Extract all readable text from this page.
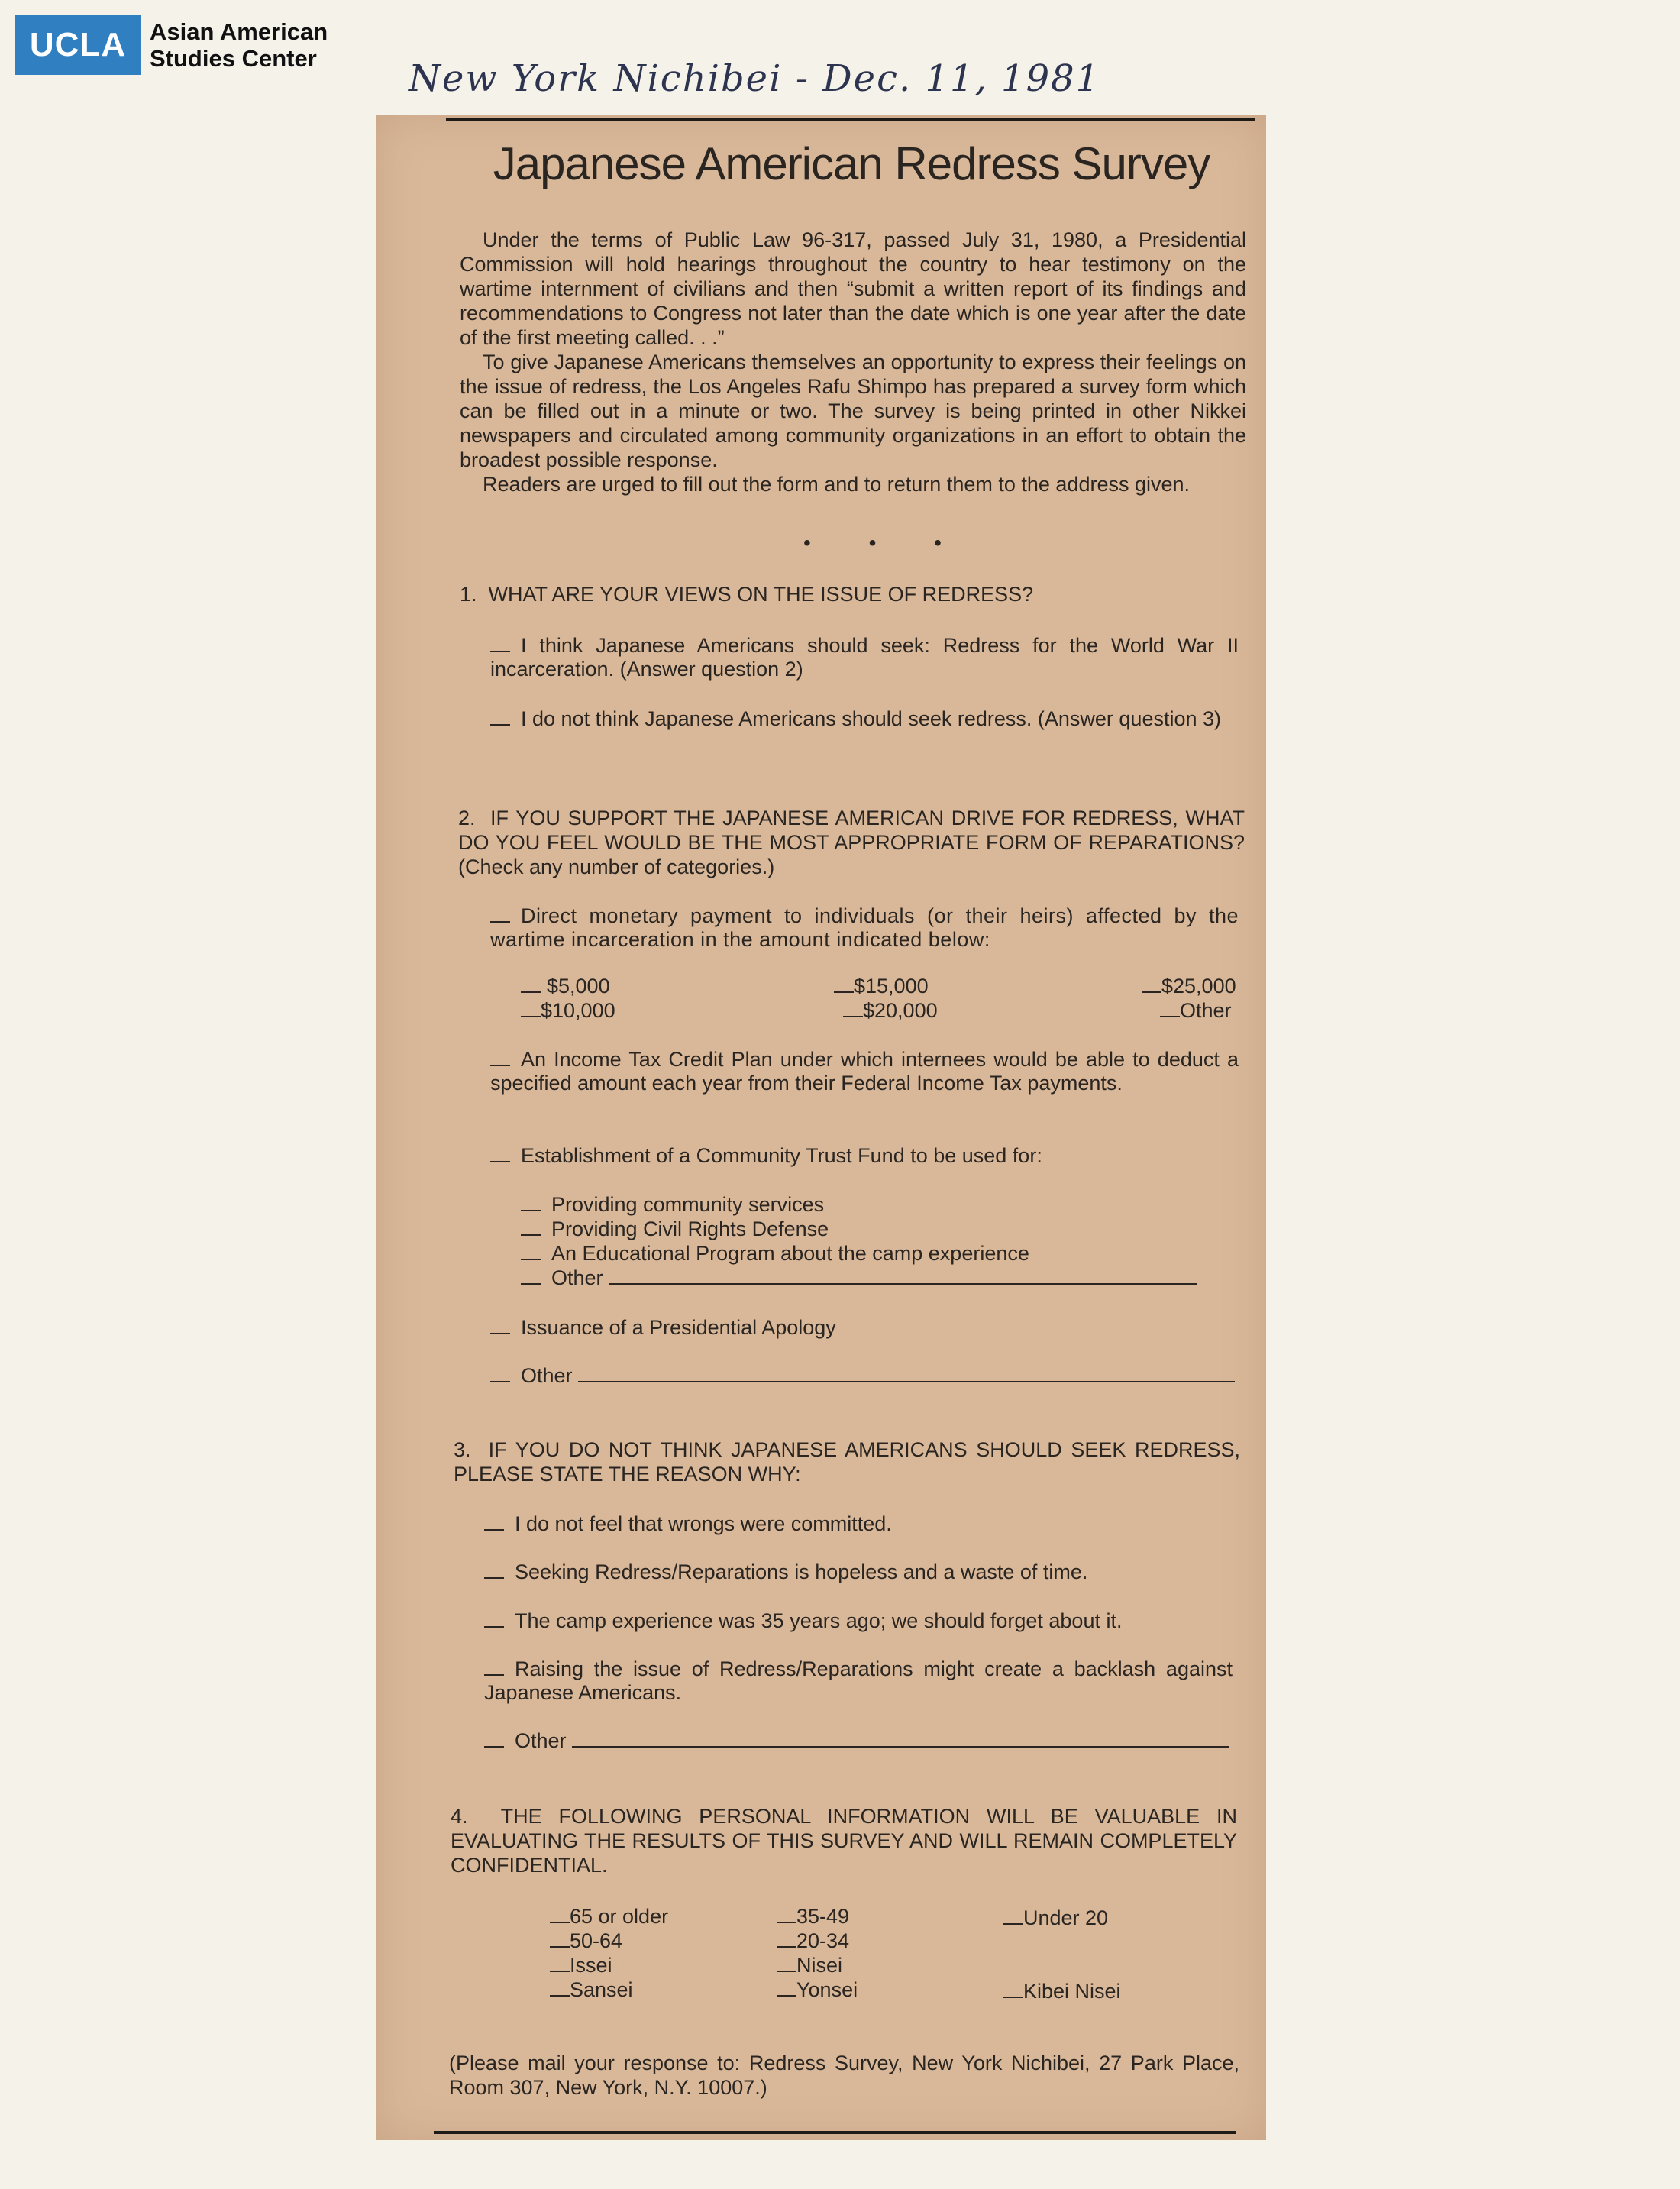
UCLA Asian American
Studies Center	New York Nichibei - Dec. 11, 1981
Japanese American Redress Survey
Under the terms of Public Law 96-317, passed July 31, 1980, a Presidential Commission will hold hearings throughout the country to hear testimony on the wartime internment of civilians and then “submit a written report of its findings and recommendations to Congress not later than the date which is one year after the date of the first meeting called. . .”
To give Japanese Americans themselves an opportunity to express their feelings on the issue of redress, the Los Angeles Rafu Shimpo has prepared a survey form which can be filled out in a minute or two. The survey is being printed in other Nikkei newspapers and circulated among community organizations in an effort to obtain the broadest possible response.
Readers are urged to fill out the form and to return them to the address given.
• • •
1. WHAT ARE YOUR VIEWS ON THE ISSUE OF REDRESS?
I think Japanese Americans should seek: Redress for the World War II incarceration. (Answer question 2)
I do not think Japanese Americans should seek redress. (Answer question 3)
2. IF YOU SUPPORT THE JAPANESE AMERICAN DRIVE FOR REDRESS, WHAT DO YOU FEEL WOULD BE THE MOST APPROPRIATE FORM OF REPARATIONS? (Check any number of categories.)
Direct monetary payment to individuals (or their heirs) affected by the wartime incarceration in the amount indicated below:
$5,000
$10,000
$15,000
$20,000
$25,000
Other
An Income Tax Credit Plan under which internees would be able to deduct a specified amount each year from their Federal Income Tax payments.
Establishment of a Community Trust Fund to be used for:
Providing community services
Providing Civil Rights Defense
An Educational Program about the camp experience
Other
Issuance of a Presidential Apology
Other
3. IF YOU DO NOT THINK JAPANESE AMERICANS SHOULD SEEK REDRESS, PLEASE STATE THE REASON WHY:
I do not feel that wrongs were committed.
Seeking Redress/Reparations is hopeless and a waste of time.
The camp experience was 35 years ago; we should forget about it.
Raising the issue of Redress/Reparations might create a backlash against Japanese Americans.
Other
4. THE FOLLOWING PERSONAL INFORMATION WILL BE VALUABLE IN EVALUATING THE RESULTS OF THIS SURVEY AND WILL REMAIN COMPLETELY CONFIDENTIAL.
65 or older
50-64
Issei
Sansei
35-49
20-34
Nisei
Yonsei
Under 20
Kibei Nisei
(Please mail your response to: Redress Survey, New York Nichibei, 27 Park Place, Room 307, New York, N.Y. 10007.)
